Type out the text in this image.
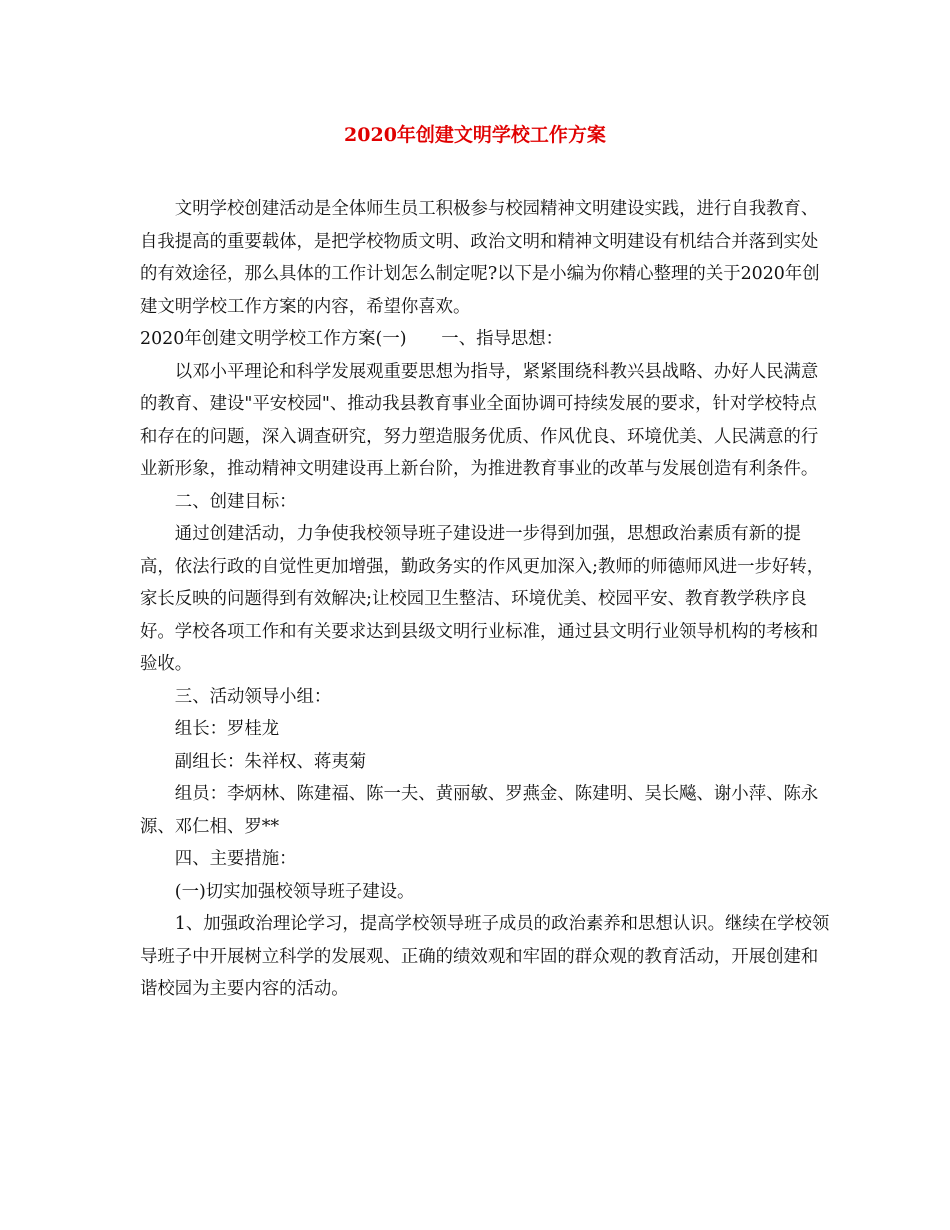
2020年创建文明学校工作方案

文明学校创建活动是全体师生员工积极参与校园精神文明建设实践，进行自我教育、自我提高的重要载体，是把学校物质文明、政治文明和精神文明建设有机结合并落到实处的有效途径，那么具体的工作计划怎么制定呢?以下是小编为你精心整理的关于2020年创建文明学校工作方案的内容，希望你喜欢。

2020年创建文明学校工作方案(一)　　一、指导思想：

以邓小平理论和科学发展观重要思想为指导，紧紧围绕科教兴县战略、办好人民满意的教育、建设"平安校园"、推动我县教育事业全面协调可持续发展的要求，针对学校特点和存在的问题，深入调查研究，努力塑造服务优质、作风优良、环境优美、人民满意的行业新形象，推动精神文明建设再上新台阶，为推进教育事业的改革与发展创造有利条件。

二、创建目标：

通过创建活动，力争使我校领导班子建设进一步得到加强，思想政治素质有新的提高，依法行政的自觉性更加增强，勤政务实的作风更加深入;教师的师德师风进一步好转，家长反映的问题得到有效解决;让校园卫生整洁、环境优美、校园平安、教育教学秩序良好。学校各项工作和有关要求达到县级文明行业标准，通过县文明行业领导机构的考核和验收。

三、活动领导小组：

组长：罗桂龙

副组长：朱祥权、蒋夷菊

组员：李炳林、陈建福、陈一夫、黄丽敏、罗燕金、陈建明、吴长飚、谢小萍、陈永源、邓仁相、罗**

四、主要措施：

(一)切实加强校领导班子建设。

1、加强政治理论学习，提高学校领导班子成员的政治素养和思想认识。继续在学校领导班子中开展树立科学的发展观、正确的绩效观和牢固的群众观的教育活动，开展创建和谐校园为主要内容的活动。
